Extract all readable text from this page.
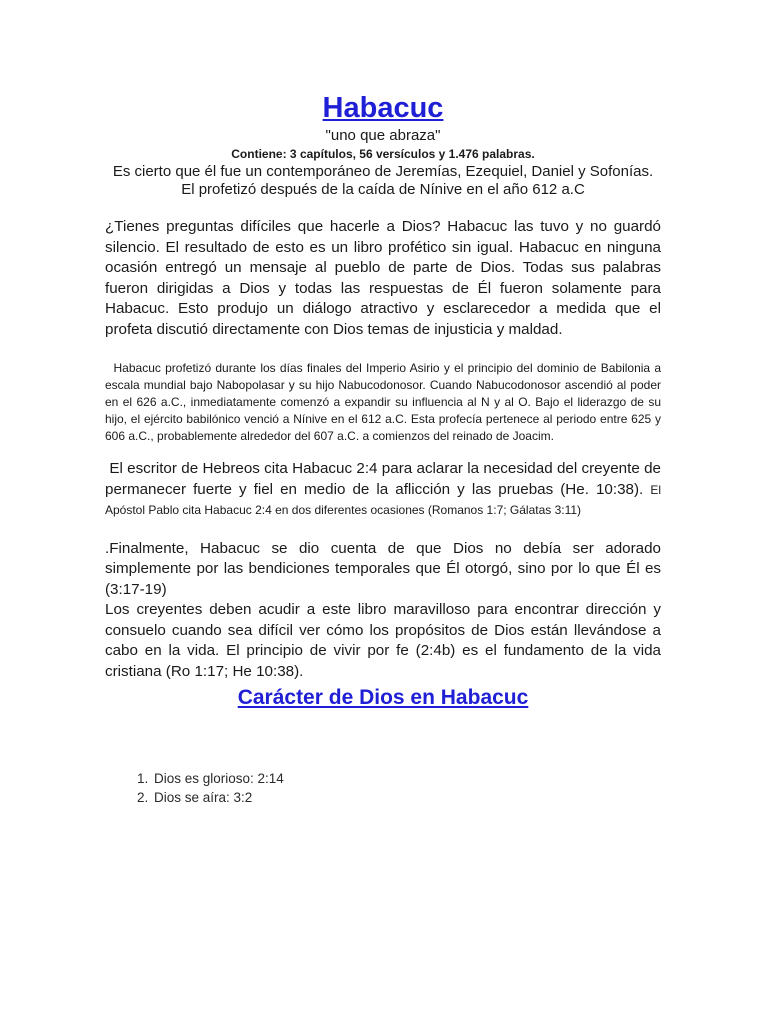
Habacuc

"uno que abraza"

Contiene: 3 capítulos, 56 versículos y 1.476 palabras.

Es cierto que él fue un contemporáneo de Jeremías, Ezequiel, Daniel y Sofonías. El profetizó después de la caída de Nínive en el año 612 a.C

¿Tienes preguntas difíciles que hacerle a Dios? Habacuc las tuvo y no guardó silencio. El resultado de esto es un libro profético sin igual. Habacuc en ninguna ocasión entregó un mensaje al pueblo de parte de Dios. Todas sus palabras fueron dirigidas a Dios y todas las respuestas de Él fueron solamente para Habacuc. Esto produjo un diálogo atractivo y esclarecedor a medida que el profeta discutió directamente con Dios temas de injusticia y maldad.

Habacuc profetizó durante los días finales del Imperio Asirio y el principio del dominio de Babilonia a escala mundial bajo Nabopolasar y su hijo Nabucodonosor. Cuando Nabucodonosor ascendió al poder en el 626 a.C., inmediatamente comenzó a expandir su influencia al N y al O. Bajo el liderazgo de su hijo, el ejército babilónico venció a Nínive en el 612 a.C. Esta profecía pertenece al periodo entre 625 y 606 a.C., probablemente alrededor del 607 a.C. a comienzos del reinado de Joacim.

El escritor de Hebreos cita Habacuc 2:4 para aclarar la necesidad del creyente de permanecer fuerte y fiel en medio de la aflicción y las pruebas (He. 10:38). El Apóstol Pablo cita Habacuc 2:4 en dos diferentes ocasiones (Romanos 1:7; Gálatas 3:11)

.Finalmente, Habacuc se dio cuenta de que Dios no debía ser adorado simplemente por las bendiciones temporales que Él otorgó, sino por lo que Él es (3:17-19)

Los creyentes deben acudir a este libro maravilloso para encontrar dirección y consuelo cuando sea difícil ver cómo los propósitos de Dios están llevándose a cabo en la vida. El principio de vivir por fe (2:4b) es el fundamento de la vida cristiana (Ro 1:17; He 10:38).

Carácter de Dios en Habacuc
1. Dios es glorioso: 2:14
2. Dios se aíra: 3:2
